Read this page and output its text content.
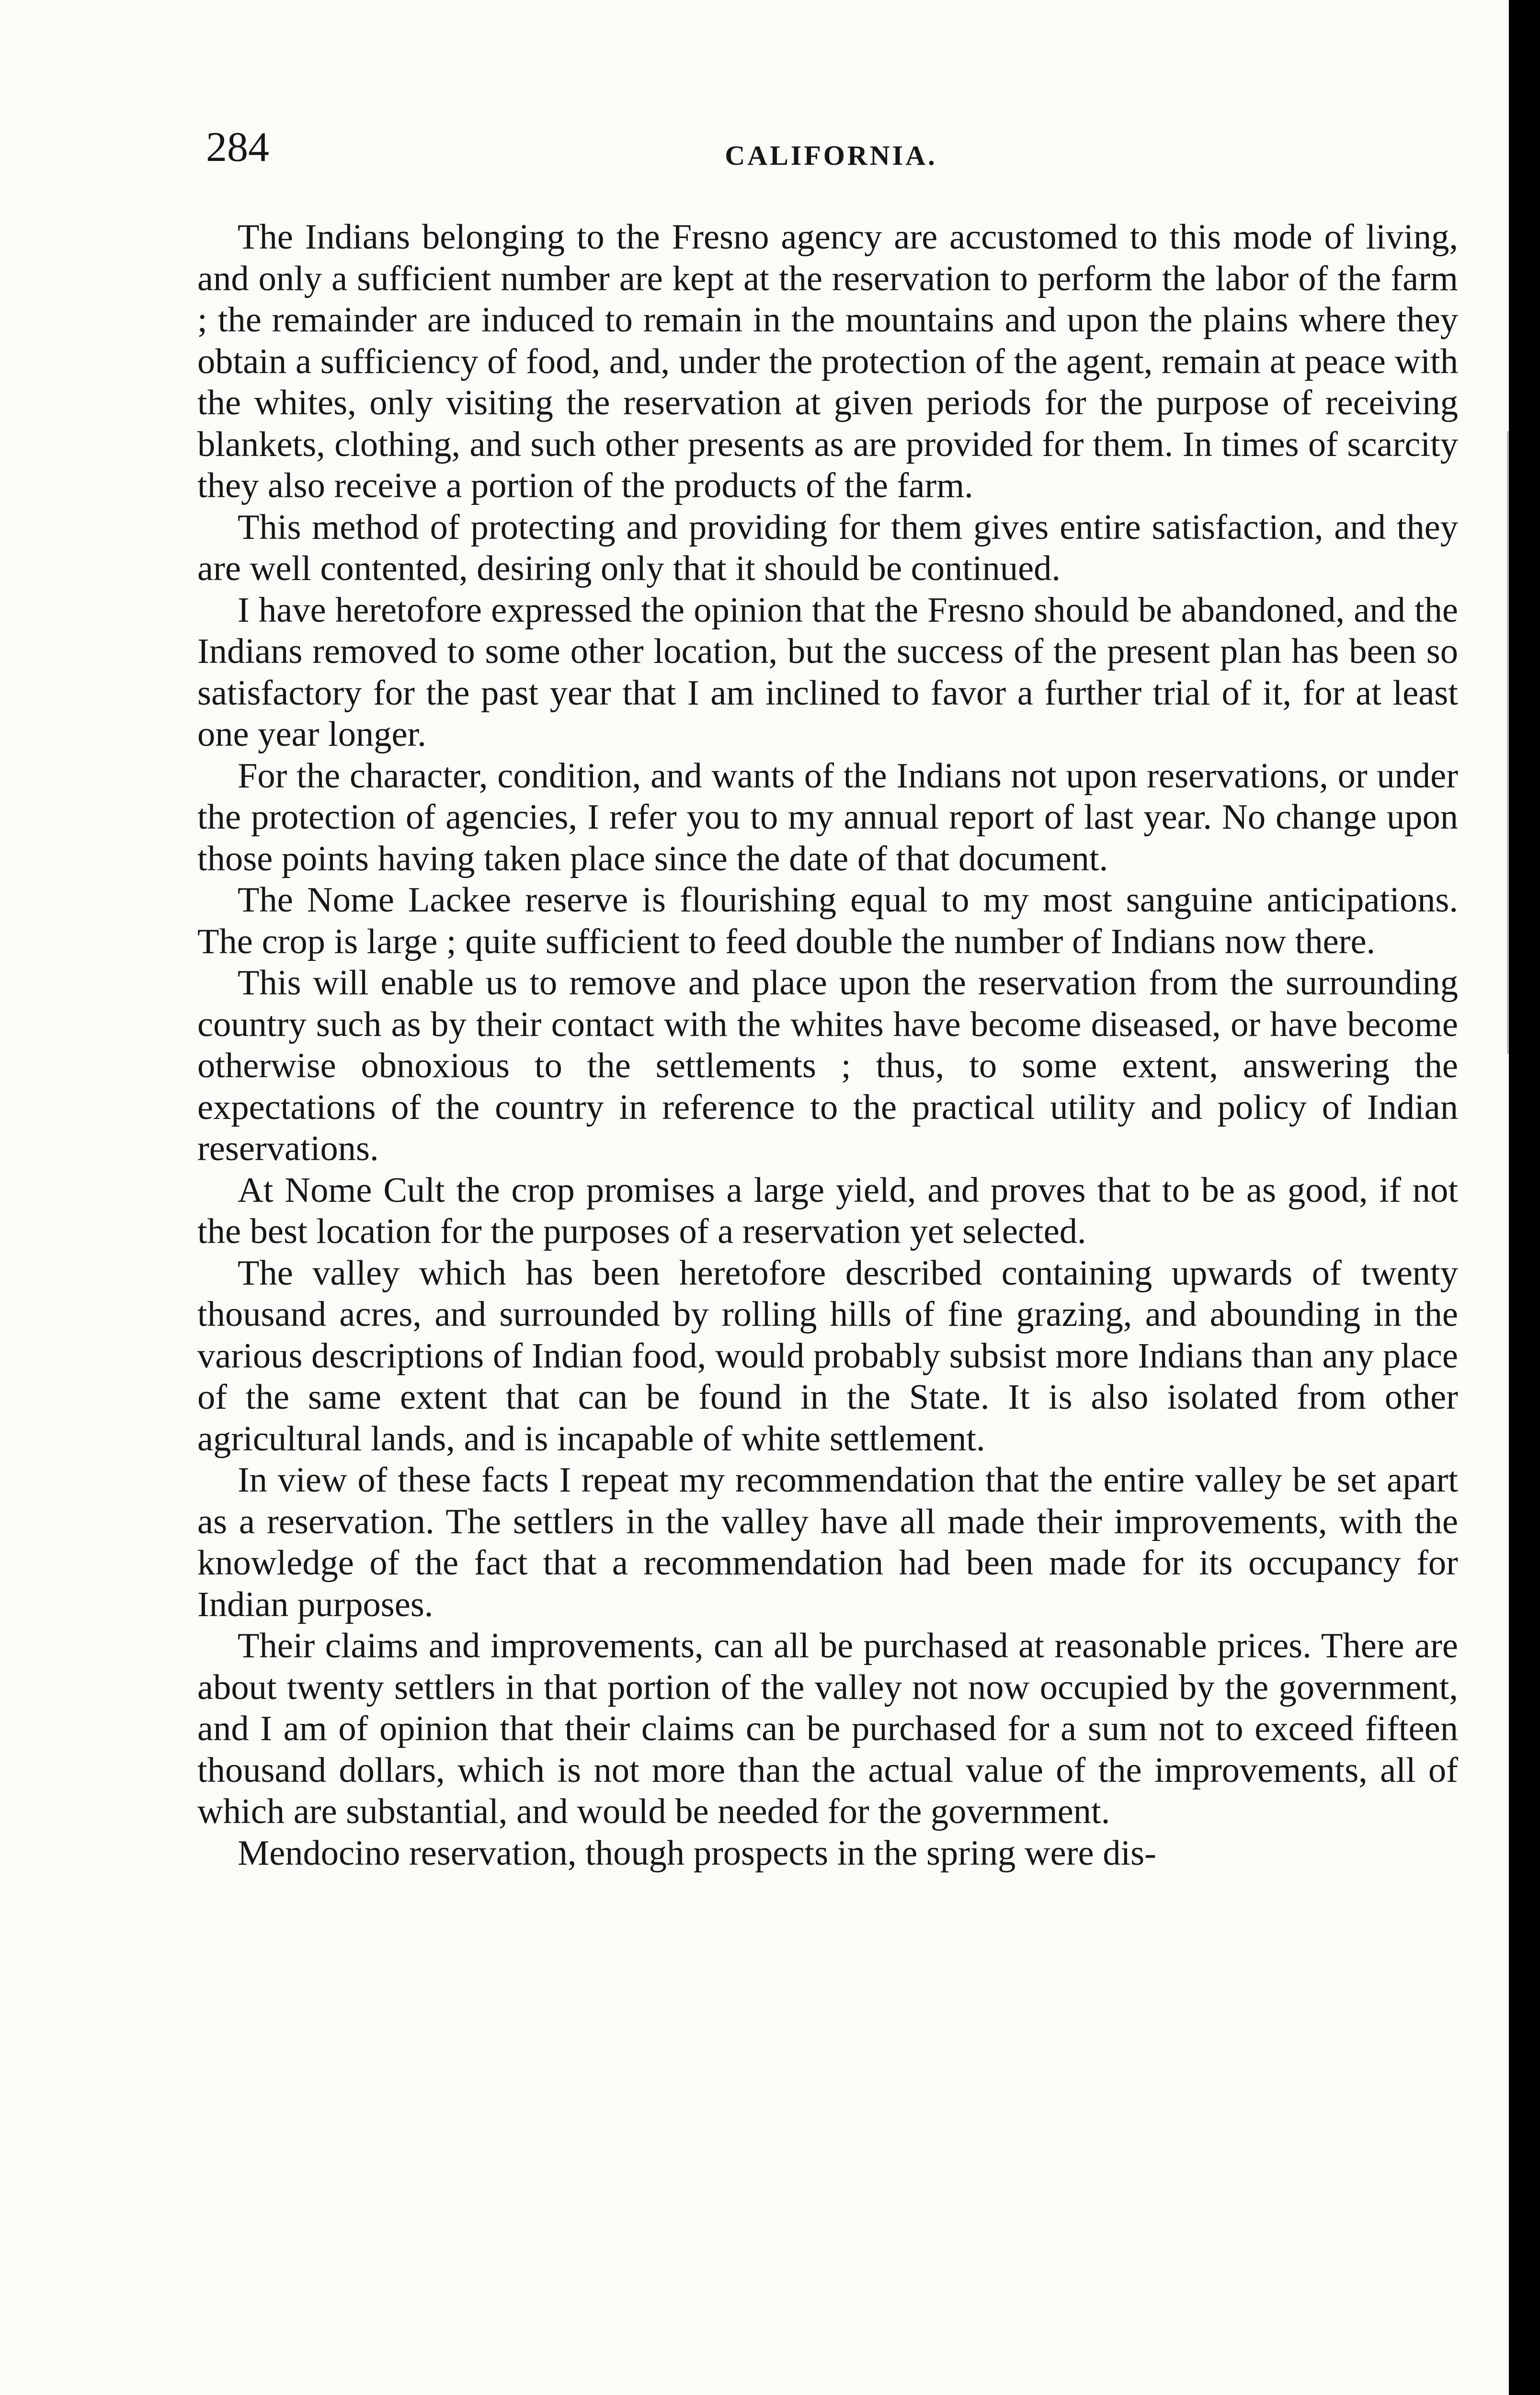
284	CALIFORNIA.

The Indians belonging to the Fresno agency are accustomed to this mode of living, and only a sufficient number are kept at the reservation to perform the labor of the farm ; the remainder are induced to remain in the mountains and upon the plains where they obtain a sufficiency of food, and, under the protection of the agent, remain at peace with the whites, only visiting the reservation at given periods for the purpose of receiving blankets, clothing, and such other presents as are provided for them. In times of scarcity they also receive a portion of the products of the farm.

This method of protecting and providing for them gives entire satisfaction, and they are well contented, desiring only that it should be continued.

I have heretofore expressed the opinion that the Fresno should be abandoned, and the Indians removed to some other location, but the success of the present plan has been so satisfactory for the past year that I am inclined to favor a further trial of it, for at least one year longer.

For the character, condition, and wants of the Indians not upon reservations, or under the protection of agencies, I refer you to my annual report of last year. No change upon those points having taken place since the date of that document.

The Nome Lackee reserve is flourishing equal to my most sanguine anticipations. The crop is large ; quite sufficient to feed double the number of Indians now there.

This will enable us to remove and place upon the reservation from the surrounding country such as by their contact with the whites have become diseased, or have become otherwise obnoxious to the settlements ; thus, to some extent, answering the expectations of the country in reference to the practical utility and policy of Indian reservations.

At Nome Cult the crop promises a large yield, and proves that to be as good, if not the best location for the purposes of a reservation yet selected.

The valley which has been heretofore described containing upwards of twenty thousand acres, and surrounded by rolling hills of fine grazing, and abounding in the various descriptions of Indian food, would probably subsist more Indians than any place of the same extent that can be found in the State. It is also isolated from other agricultural lands, and is incapable of white settlement.

In view of these facts I repeat my recommendation that the entire valley be set apart as a reservation. The settlers in the valley have all made their improvements, with the knowledge of the fact that a recommendation had been made for its occupancy for Indian purposes.

Their claims and improvements, can all be purchased at reasonable prices. There are about twenty settlers in that portion of the valley not now occupied by the government, and I am of opinion that their claims can be purchased for a sum not to exceed fifteen thousand dollars, which is not more than the actual value of the improvements, all of which are substantial, and would be needed for the government.

Mendocino reservation, though prospects in the spring were dis-
